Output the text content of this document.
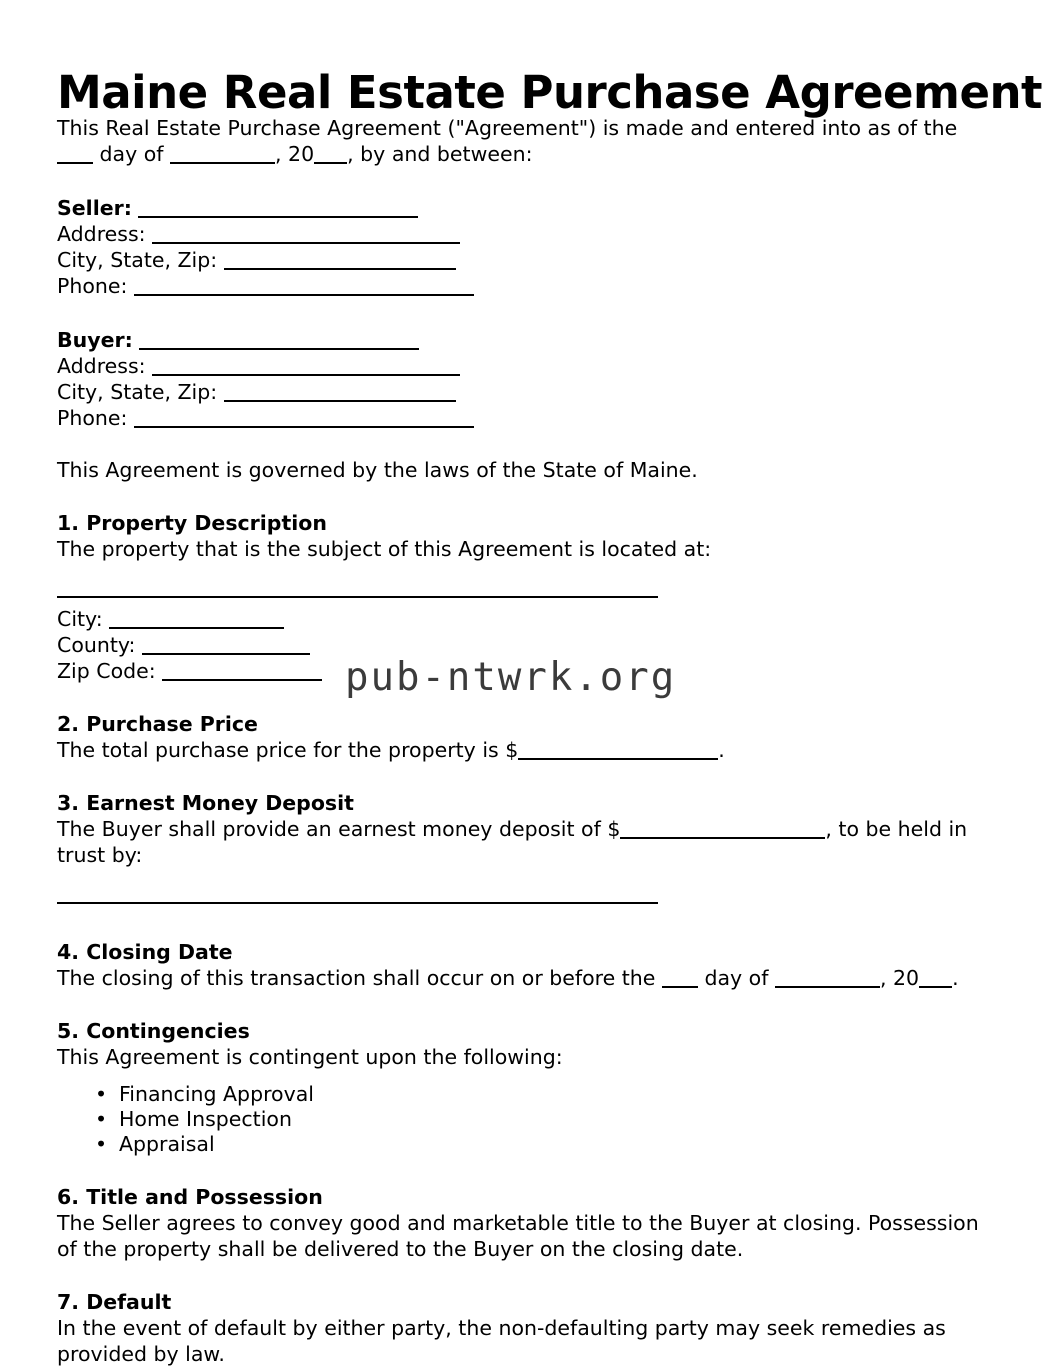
pub-ntwrk.org
Maine Real Estate Purchase Agreement

This Real Estate Purchase Agreement ("Agreement") is made and entered into as of the
day of	, 20 , by and between:

Seller:
Address:
City, State, Zip:
Phone:
Buyer:
Address:
City, State, Zip:
Phone:

This Agreement is governed by the laws of the State of Maine.

1. Property Description

The property that is the subject of this Agreement is located at:

City:
County:
Zip Code:
2. Purchase Price

The total purchase price for the property is $	.

3. Earnest Money Deposit

The Buyer shall provide an earnest money deposit of $	, to be held in
trust by:

4. Closing Date

The closing of this transaction shall occur on or before the  day of	, 20 .

5. Contingencies

This Agreement is contingent upon the following:

• Financing Approval
• Home Inspection
• Appraisal
6. Title and Possession

The Seller agrees to convey good and marketable title to the Buyer at closing. Possession
of the property shall be delivered to the Buyer on the closing date.

7. Default

In the event of default by either party, the non-defaulting party may seek remedies as
provided by law.
